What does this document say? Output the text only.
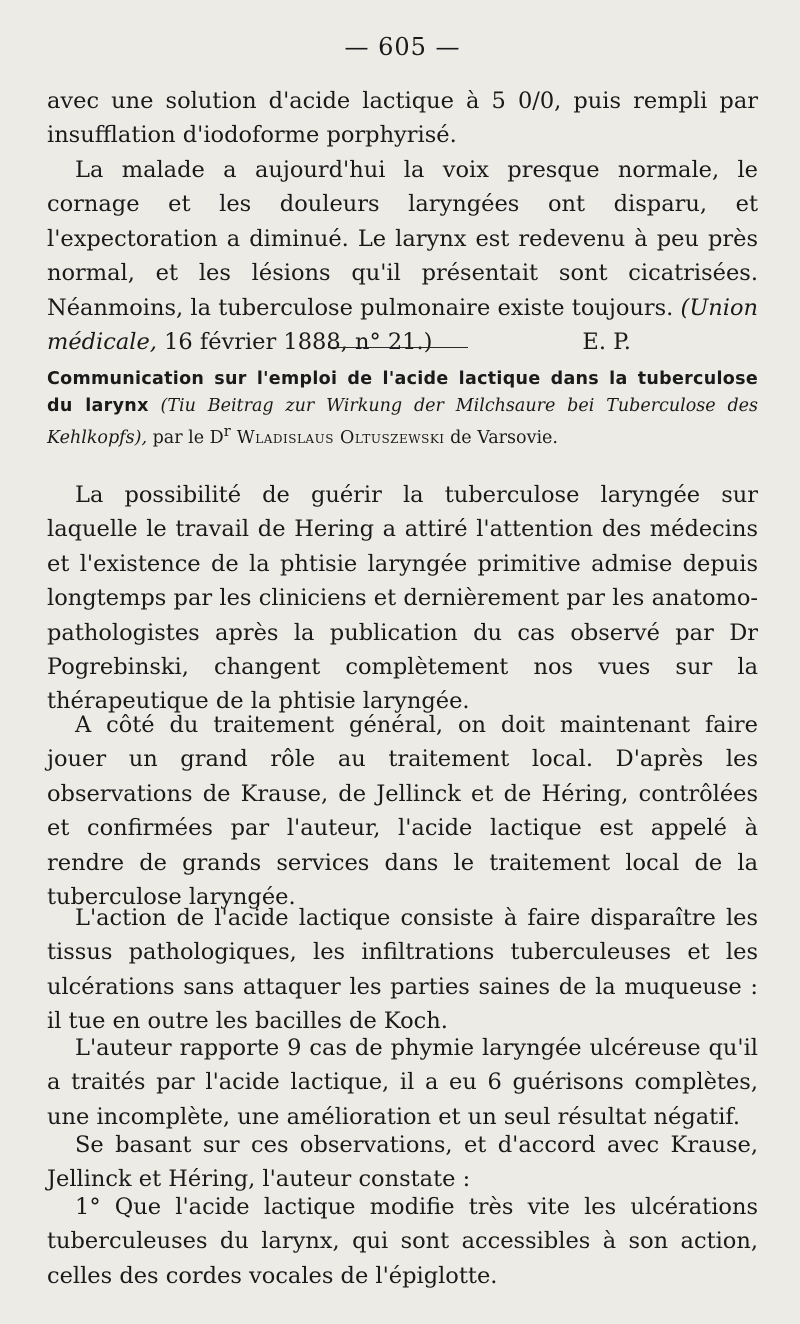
— 605 —

avec une solution d'acide lactique à 5 0/0, puis rempli par insufflation d'iodoforme porphyrisé.

La malade a aujourd'hui la voix presque normale, le cornage et les douleurs laryngées ont disparu, et l'expectoration a diminué. Le larynx est redevenu à peu près normal, et les lésions qu'il présentait sont cicatrisées. Néanmoins, la tuberculose pulmonaire existe toujours. (Union médicale, 16 février 1888, n° 21.)	E. P.

Communication sur l'emploi de l'acide lactique dans la tuberculose du larynx (Tiu Beitrag zur Wirkung der Milchsaure bei Tuberculose des Kehlkopfs), par le $D^r$ Wladislaus Oltuszewski de Varsovie.

La possibilité de guérir la tuberculose laryngée sur laquelle le travail de Hering a attiré l'attention des médecins et l'existence de la phtisie laryngée primitive admise depuis longtemps par les cliniciens et dernièrement par les anatomo-pathologistes après la publication du cas observé par Dr Pogrebinski, changent complètement nos vues sur la thérapeutique de la phtisie laryngée.

A côté du traitement général, on doit maintenant faire jouer un grand rôle au traitement local. D'après les observations de Krause, de Jellinck et de Héring, contrôlées et confirmées par l'auteur, l'acide lactique est appelé à rendre de grands services dans le traitement local de la tuberculose laryngée.

L'action de l'acide lactique consiste à faire disparaître les tissus pathologiques, les infiltrations tuberculeuses et les ulcérations sans attaquer les parties saines de la muqueuse : il tue en outre les bacilles de Koch.

L'auteur rapporte 9 cas de phymie laryngée ulcéreuse qu'il a traités par l'acide lactique, il a eu 6 guérisons complètes, une incomplète, une amélioration et un seul résultat négatif.

Se basant sur ces observations, et d'accord avec Krause, Jellinck et Héring, l'auteur constate :

1° Que l'acide lactique modifie très vite les ulcérations tuberculeuses du larynx, qui sont accessibles à son action, celles des cordes vocales de l'épiglotte.
